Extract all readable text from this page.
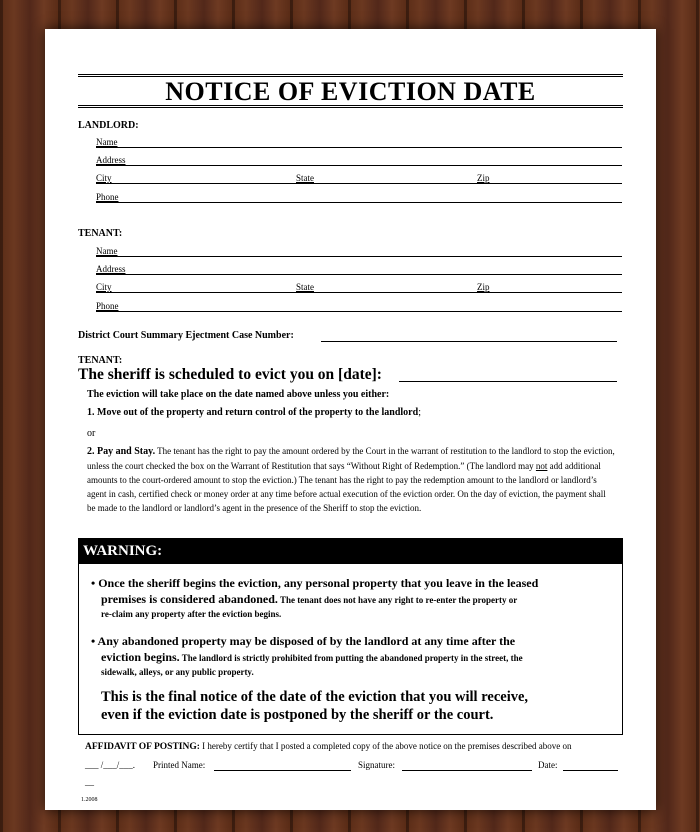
NOTICE OF EVICTION DATE
LANDLORD:
Name
Address
City	State	Zip
Phone
TENANT:
Name
Address
City	State	Zip
Phone
District Court Summary Ejectment Case Number:
TENANT:
The sheriff is scheduled to evict you on [date]:
The eviction will take place on the date named above unless you either:
1. Move out of the property and return control of the property to the landlord;
or
2. Pay and Stay. The tenant has the right to pay the amount ordered by the Court in the warrant of restitution to the landlord to stop the eviction, unless the court checked the box on the Warrant of Restitution that says “Without Right of Redemption.” (The landlord may not add additional amounts to the court-ordered amount to stop the eviction.) The tenant has the right to pay the redemption amount to the landlord or landlord’s agent in cash, certified check or money order at any time before actual execution of the eviction order. On the day of eviction, the payment shall be made to the landlord or landlord’s agent in the presence of the Sheriff to stop the eviction.
WARNING:
• Once the sheriff begins the eviction, any personal property that you leave in the leased
premises is considered abandoned. The tenant does not have any right to re-enter the property or
re-claim any property after the eviction begins.
• Any abandoned property may be disposed of by the landlord at any time after the
eviction begins. The landlord is strictly prohibited from putting the abandoned property in the street, the
sidewalk, alleys, or any public property.
This is the final notice of the date of the eviction that you will receive,
even if the eviction date is postponed by the sheriff or the court.
AFFIDAVIT OF POSTING: I hereby certify that I posted a completed copy of the above notice on the premises described above on
___ /___/___. Printed Name:	Signature:	Date:
__
1.2008
